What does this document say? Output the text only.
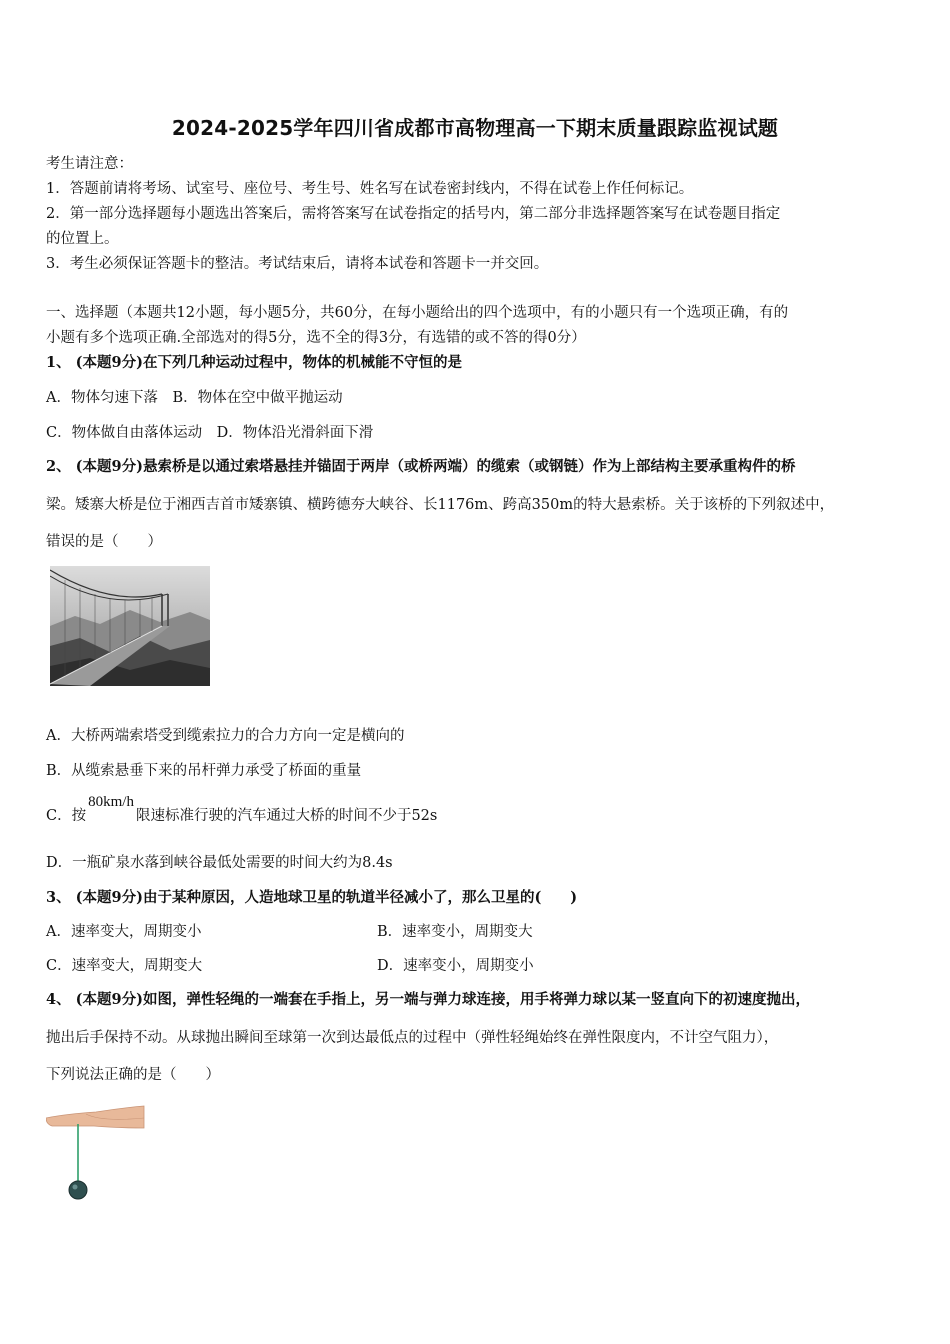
2024-2025学年四川省成都市高物理高一下期末质量跟踪监视试题
考生请注意：
1．答题前请将考场、试室号、座位号、考生号、姓名写在试卷密封线内，不得在试卷上作任何标记。
2．第一部分选择题每小题选出答案后，需将答案写在试卷指定的括号内，第二部分非选择题答案写在试卷题目指定
的位置上。
3．考生必须保证答题卡的整洁。考试结束后，请将本试卷和答题卡一并交回。
一、选择题（本题共12小题，每小题5分，共60分，在每小题给出的四个选项中，有的小题只有一个选项正确，有的
小题有多个选项正确.全部选对的得5分，选不全的得3分，有选错的或不答的得0分）
1、 (本题9分)在下列几种运动过程中，物体的机械能不守恒的是
A．物体匀速下落　 B．物体在空中做平抛运动
C．物体做自由落体运动　 D．物体沿光滑斜面下滑
2、 (本题9分)悬索桥是以通过索塔悬挂并锚固于两岸（或桥两端）的缆索（或钢链）作为上部结构主要承重构件的桥
梁。矮寨大桥是位于湘西吉首市矮寨镇、横跨德夯大峡谷、长1176m、跨高350m的特大悬索桥。关于该桥的下列叙述中，
错误的是（　　）
A．大桥两端索塔受到缆索拉力的合力方向一定是横向的
B．从缆索悬垂下来的吊杆弹力承受了桥面的重量
C．按80km/h限速标准行驶的汽车通过大桥的时间不少于52s
D．一瓶矿泉水落到峡谷最低处需要的时间大约为8.4s
3、 (本题9分)由于某种原因，人造地球卫星的轨道半径减小了，那么卫星的(　　)
A．速率变大，周期变小	B．速率变小，周期变大
C．速率变大，周期变大	D．速率变小，周期变小
4、 (本题9分)如图，弹性轻绳的一端套在手指上，另一端与弹力球连接，用手将弹力球以某一竖直向下的初速度抛出，
抛出后手保持不动。从球抛出瞬间至球第一次到达最低点的过程中（弹性轻绳始终在弹性限度内，不计空气阻力），
下列说法正确的是（　　）
